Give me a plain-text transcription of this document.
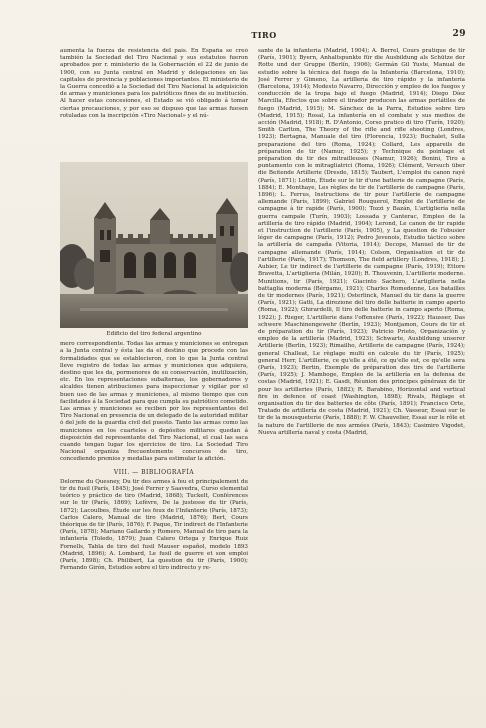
TIRO	29

aumenta la fuerza de resistencia del país. En España se creó también la Sociedad del Tiro Nacional y sus estatutos fueron aprobados por r. ministerio de la Gobernación el 22 de junio de 1900, con su Junta central en Madrid y delegaciones en las capitales de provincia y poblaciones importantes. El ministerio de la Guerra concedió a la Sociedad del Tiro Nacional la adquisición de armas y municiones para los patrióticos fines de su institución. Al hacer estas concesiones, el Estado se vió obligado á tomar ciertas precauciones, y por eso se dispuso que las armas fuesen rotuladas con la inscripción «Tiro Nacional» y el nú-

Edificio del tiro federal argentino

mero correspondiente. Todas las armas y municiones se entregan a la Junta central y ésta las da el destino que procede con las formalidades que se establecieron, con lo que la Junta central lleve registro de todas las armas y municiones que adquiera, destino que les da, pormenores de su conservación, inutilización, etc. En los representaciones subalternas, los gobernadores y alcaldes tienen atribuciones para inspeccionar y vigilar por el buen uso de las armas y municiones, al mismo tiempo que con facilidades á la Sociedad para que cumpla su patriótico cometido. Las armas y municiones se reciben por los representantes del Tiro Nacional en presencia de un delegado de la autoridad militar ó del jefe de la guardia civil del puesto. Tanto las armas como las municiones en los cuarteles o depósitos militares quedan á disposición del representante del Tiro Nacional, el cual las saca cuando tengan lugar los ejercicios de tiro. La Sociedad Tiro Nacional organiza frecuentemente concursos de tiro, concediendo premios y medallas para estimular la afición.

VIII. — BIBLIOGRAFÍA

Delorme du Quesney, Du tir des armes à feu et principalement du tir du fusil (París, 1845); José Ferrer y Saavedra, Curso elemental teórico y práctico de tiro (Madrid, 1868); Tuckelt, Conférences sur le tir (París, 1869); Lefèvre, De la justesse du tir (París, 1872); Lacoulbes, Étude sur les feux de l'Infanterie (París, 1873); Carlos Calero, Manual de tiro (Madrid, 1876); Bert, Cours théorique de tir (París, 1876); F. Paque, Tir indirect de l'Infanterie (París, 1878); Mariano Gallardo y Romero, Manual de tiro para la infantería (Toledo, 1879); Juan Calero Ortega y Enrique Ruiz Fornells, Tabla de tiro del fusil Mauser español, modelo 1893 (Madrid, 1896); A. Lombard, Le fusil de guerre et son emploi (París, 1898); Ch. Philibert, La question du tir (París, 1900); Fernando Girón, Estudios sobre el tiro indirecto y re-

sante de la infantería (Madrid, 1904); A. Berrel, Cours pratique de tir (París, 1901); Byern, Anhaltspunkte für die Ausbildung als Schütze der Rotte und der Gruppe (Berlín, 1906); Germán Gil Yuste, Manual de estudio sobre la técnica del fuego de la Infantería (Barcelona, 1910); José Ferrer y Gimeno, La artillería de tiro rápido y la infantería (Barcelona, 1914); Modesto Navarro, Dirección y empleo de los fuegos y conducción de la tropa bajo el fuego (Madrid, 1914); Diego Díez Marcilla, Efectos que sobre el tirador producen las armas portátiles de fuego (Madrid, 1915); M. Sánchez de la Parra, Estudios sobre tiro (Madrid, 1915); Rosal, La infantería en el combate y sus medios de acción (Madrid, 1918); R. D'Antonio, Corso pratico di tiro (Turín, 1920); Smith Carlton, The Theory of the rifle and rifle shooting (Londres, 1923); Bertagna, Manuale del tiro (Florencia, 1923); Buchalet, Sulla preparazione del tiro (Roma, 1924); Collard, Les appareils de préparation de tir (Namur, 1925); y Technique du pointage et préparation du tir des mitrailleuses (Namur, 1926); Bonini, Tiro a puntamento con le mitragliatrici (Roma, 1926); Clément, Versuch über die Beitende Artillerie (Dresde, 1815); Taubert, L'emploi du canon rayé (París, 1871); Lottin, Étude sur le tir d'une batterie de campagne (París, 1884); E. Monthaye, Les règles de tir de l'artillerie de campagne (París, 1896); L. Ferrus, Instructions de tir pour l'artillerie de campagne allemande (París, 1899); Gabriel Rouquerol, Emploi de l'artillerie de campagne à tir rapide (París, 1900); Tozzi y Bazán, L'artiglieria nella guerra campale (Turín, 1903); Lossada y Canterac, Empleo de la artillería de tiro rápido (Madrid, 1904); Lerond, Le canon de tir rapide et l'instruction de l'artillerie (París, 1905), y La question de l'obusier léger de campagne (París, 1912); Pedro Jevenois, Estudio táctico sobre la artillería de campaña (Vitoria, 1914); Decope, Manuel de tir de campagne allemande (París, 1914); Colson, Organisation et tir de l'artillerie (París, 1917); Thomson, The field artillery (Londres, 1918); J. Aubier, Le tir indirect de l'artillerie de campagne (París, 1919); Ettore Bravetta, L'artiglieria (Milán, 1920); R. Thouvenin, L'artillerie moderne. Munitions, tir (París, 1921); Giacinto Sachero, L'artiglieria nella battaglia moderna (Bérgamo, 1921); Charles Romedenne, Les batailles de tir modernes (París, 1921); Osterlinck, Manuel du tir dans la guerre (París, 1921); Gatti, La direzione del tiro delle batterie in campo aperto (Roma, 1922); Ghirardelli, Il tiro delle batterie in campo aperto (Roma, 1922); J. Rieger, L'artillerie dans l'offensive (París, 1922); Hausser, Das schwere Maschinengewehr (Berlín, 1923); Montjamon, Cours de tir et de préparation du tir (París, 1923); Patricio Prieto, Organización y empleo de la artillería (Madrid, 1923); Schwarte, Ausbildung unserer Artillerie (Berlín, 1923); Rimailho, Artillerie de campagne (París, 1924); general Challeat, Le règlage multi en calcule du tir (París, 1925); general Herr, L'artillerie, ce qu'elle a été, ce qu'elle est, ce qu'elle sera (París, 1923); Bertin, Exemple de préparation des tirs de l'artillerie (París, 1925); J. Mamboge, Empleo de la artillería en la defensa de costas (Madrid, 1921); E. Gasdi, Réunion des principes généraux de tir pour les artilleries (París, 1882); R. Barabino, Horizontal and vertical fire in defence of coast (Washington, 1898); Rivals, Réglage et organisation du tir des batteries de côte (París, 1891); Francisco Orte, Tratado de artillería de costa (Madrid, 1921); Ch. Vasseur, Essai sur le tir de la mousqueterie (París, 1888); F. W. Chauvelier, Essai sur le rôle et la nature de l'artillerie de nos armées (París, 1843); Casimiro Vigodet, Nueva artillería naval y costa (Madrid,
